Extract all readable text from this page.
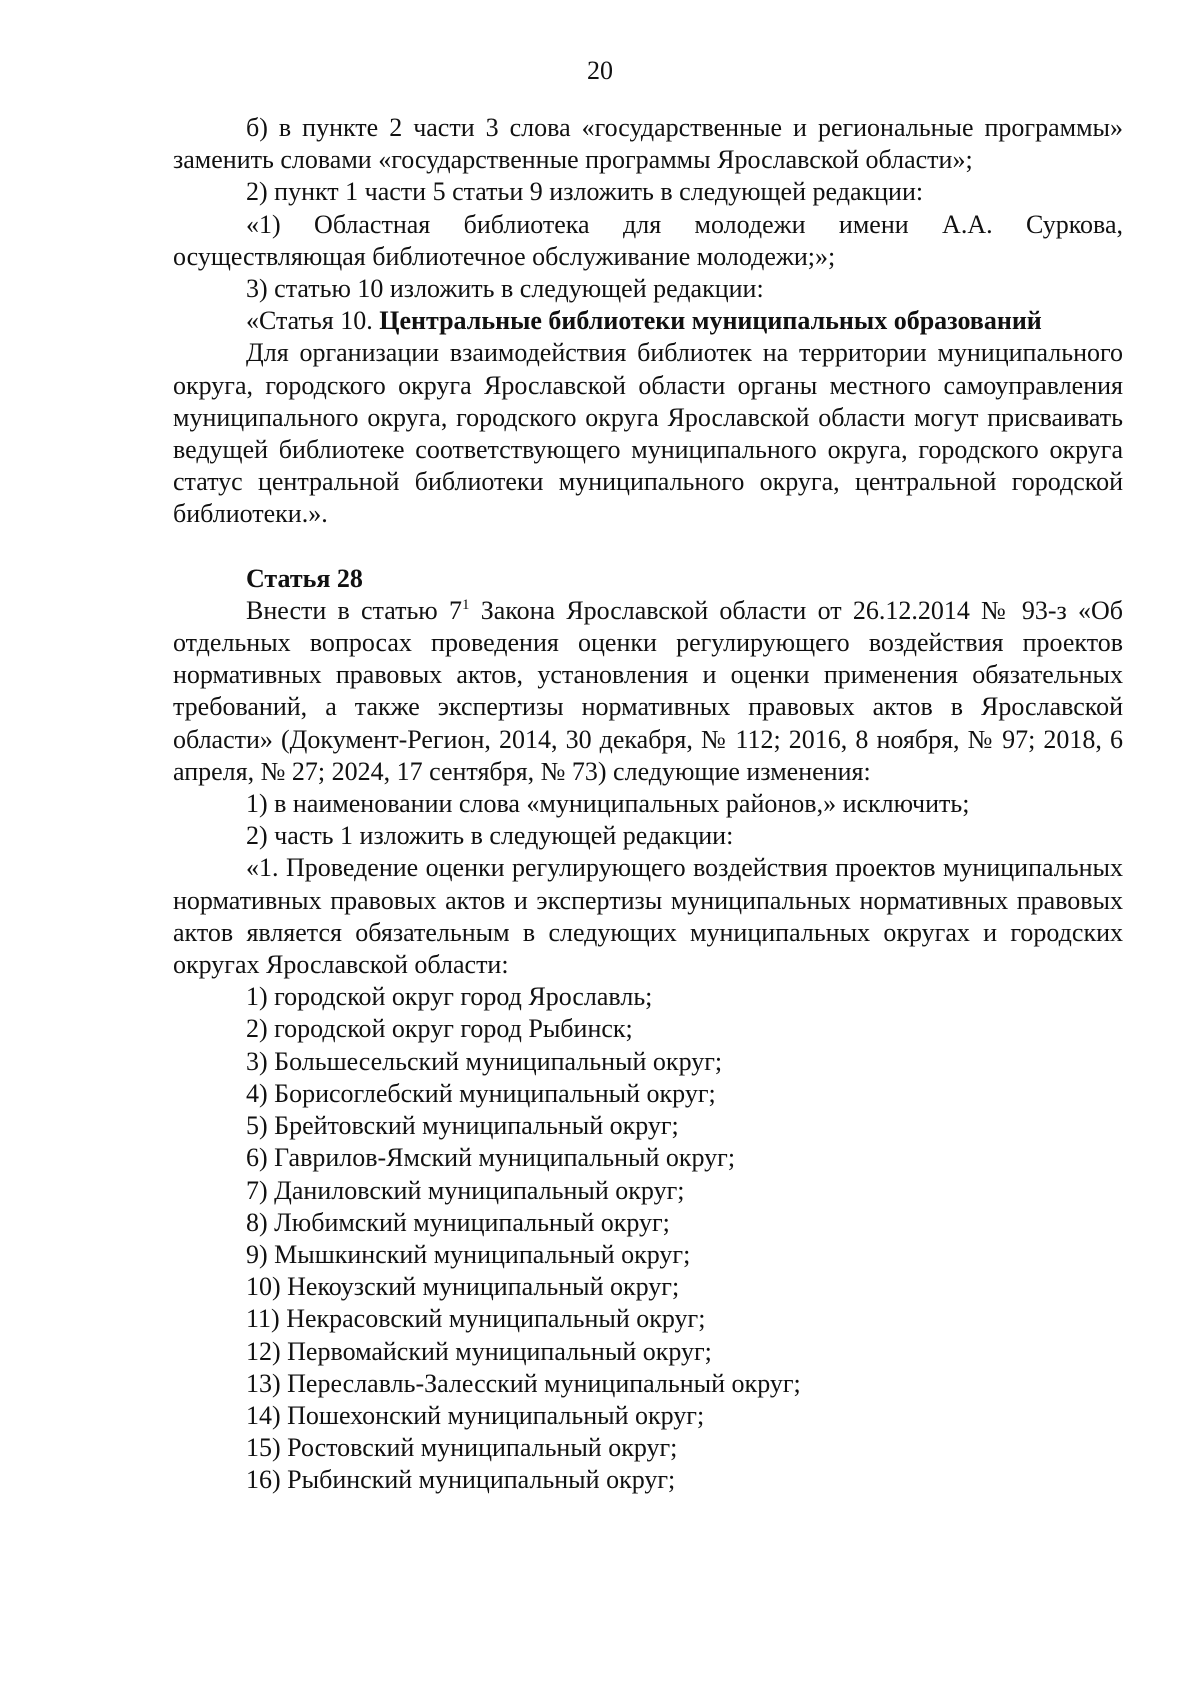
20

б) в пункте 2 части 3 слова «государственные и региональные программы» заменить словами «государственные программы Ярославской области»;

2) пункт 1 части 5 статьи 9 изложить в следующей редакции:

«1) Областная библиотека для молодежи имени А.А. Суркова, осуществляющая библиотечное обслуживание молодежи;»;

3) статью 10 изложить в следующей редакции:

«Статья 10. Центральные библиотеки муниципальных образований

Для организации взаимодействия библиотек на территории муниципального округа, городского округа Ярославской области органы местного самоуправления муниципального округа, городского округа Ярославской области могут присваивать ведущей библиотеке соответствующего муниципального округа, городского округа статус центральной библиотеки муниципального округа, центральной городской библиотеки.».

Статья 28

Внести в статью $7^1$ Закона Ярославской области от 26.12.2014 № 93-з «Об отдельных вопросах проведения оценки регулирующего воздействия проектов нормативных правовых актов, установления и оценки применения обязательных требований, а также экспертизы нормативных правовых актов в Ярославской области» (Документ-Регион, 2014, 30 декабря, № 112; 2016, 8 ноября, № 97; 2018, 6 апреля, № 27; 2024, 17 сентября, № 73) следующие изменения:

1) в наименовании слова «муниципальных районов,» исключить;

2) часть 1 изложить в следующей редакции:

«1. Проведение оценки регулирующего воздействия проектов муниципальных нормативных правовых актов и экспертизы муниципальных нормативных правовых актов является обязательным в следующих муниципальных округах и городских округах Ярославской области:

1) городской округ город Ярославль;

2) городской округ город Рыбинск;

3) Большесельский муниципальный округ;

4) Борисоглебский муниципальный округ;

5) Брейтовский муниципальный округ;

6) Гаврилов-Ямский муниципальный округ;

7) Даниловский муниципальный округ;

8) Любимский муниципальный округ;

9) Мышкинский муниципальный округ;

10) Некоузский муниципальный округ;

11) Некрасовский муниципальный округ;

12) Первомайский муниципальный округ;

13) Переславль-Залесский муниципальный округ;

14) Пошехонский муниципальный округ;

15) Ростовский муниципальный округ;

16) Рыбинский муниципальный округ;
